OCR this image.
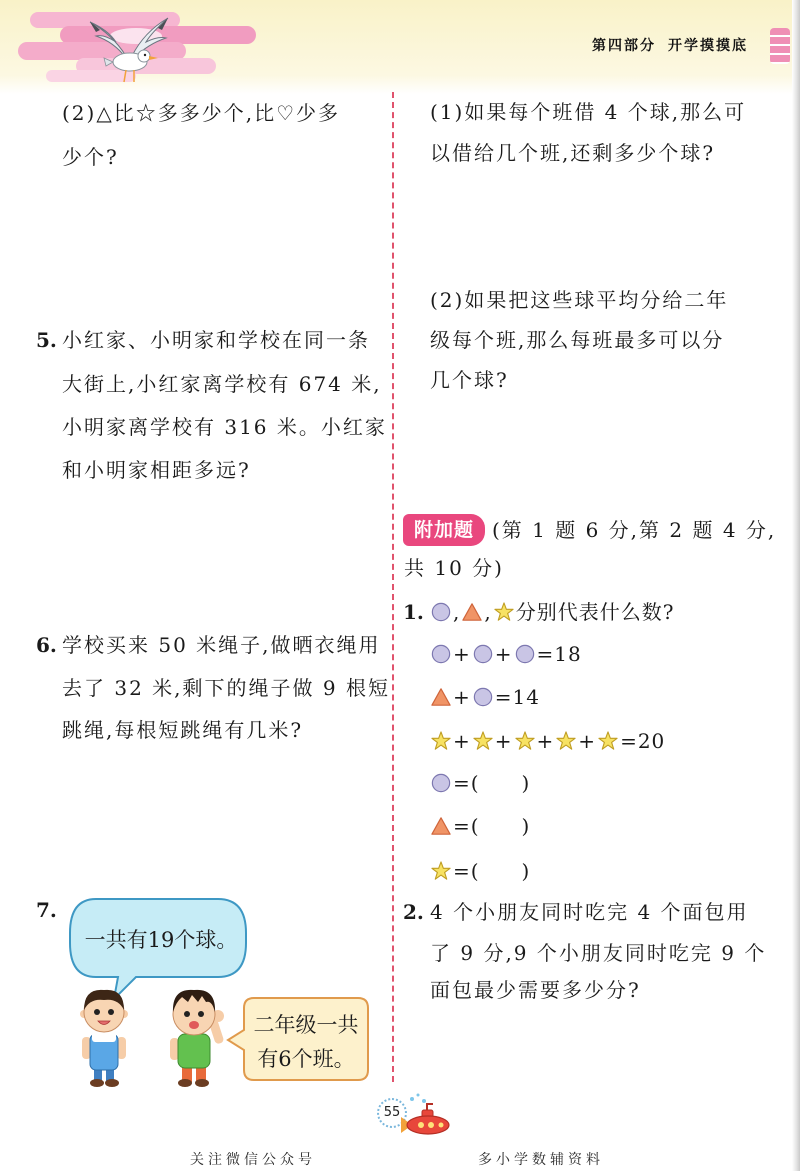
第四部分 开学摸摸底
(2)△比☆多多少个,比♡少多
少个?
5. 小红家、小明家和学校在同一条
大街上,小红家离学校有 674 米,
小明家离学校有 316 米。小红家
和小明家相距多远?
6. 学校买来 50 米绳子,做晒衣绳用
去了 32 米,剩下的绳子做 9 根短
跳绳,每根短跳绳有几米?
7.
一共有19个球。
二年级一共有6个班。
(1)如果每个班借 4 个球,那么可
以借给几个班,还剩多少个球?
(2)如果把这些球平均分给二年
级每个班,那么每班最多可以分
几个球?
附加题 (第 1 题 6 分,第 2 题 4 分,
共 10 分)
1. , , 分别代表什么数?
+ + =18
+ =14
+ + + + =20
=(　　)
=(　　)
=(　　)
2. 4 个小朋友同时吃完 4 个面包用
了 9 分,9 个小朋友同时吃完 9 个
面包最少需要多少分?
55
关注微信公众号	多小学数辅资料
